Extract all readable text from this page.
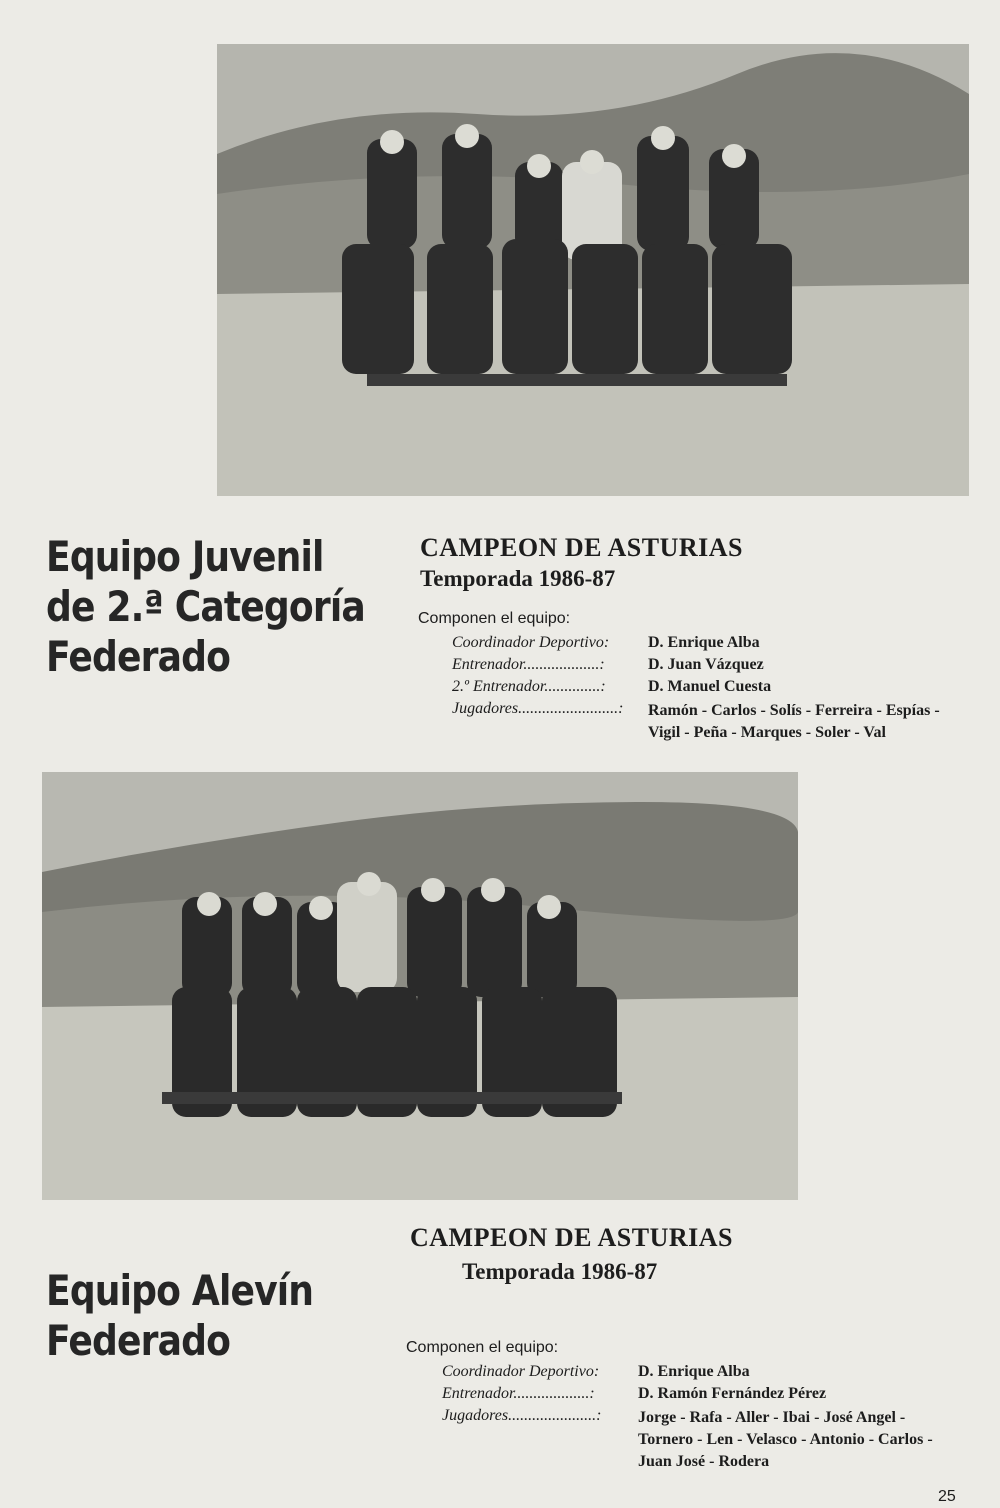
Equipo Juvenil
de 2.ª Categoría
Federado
CAMPEON DE ASTURIAS
Temporada 1986-87
Componen el equipo:
Coordinador Deportivo: D. Enrique Alba
Entrenador...................:	D. Juan Vázquez
2.º Entrenador..............:	D. Manuel Cuesta
Jugadores.........................: Ramón - Carlos - Solís - Ferreira - Espías -
Vigil - Peña - Marques - Soler - Val
CAMPEON DE ASTURIAS
Temporada 1986-87
Equipo Alevín
Federado	Componen el equipo:
Coordinador Deportivo: D. Enrique Alba
Entrenador...................:	D. Ramón Fernández Pérez
Jugadores......................: Jorge - Rafa - Aller - Ibai - José Angel -
Tornero - Len - Velasco - Antonio - Carlos -
Juan José - Rodera
25
